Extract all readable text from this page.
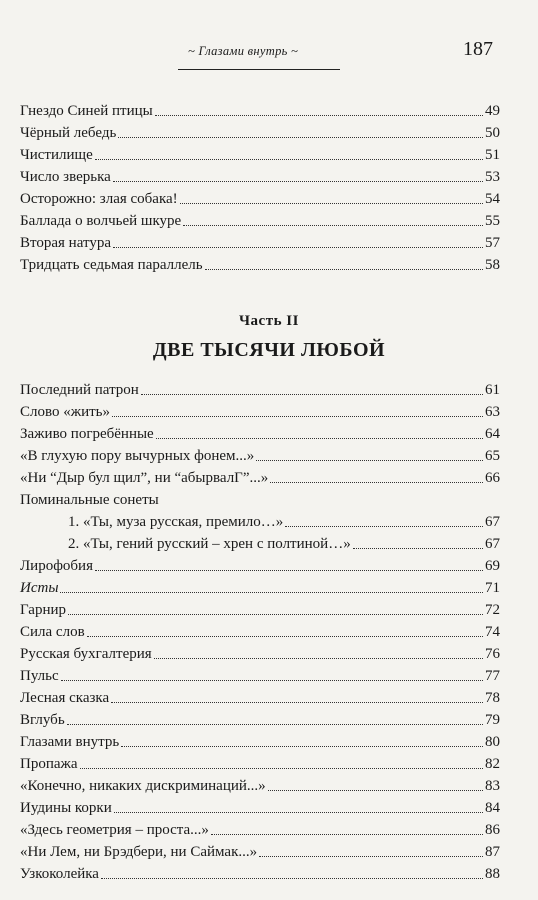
~ Глазами внутрь ~	187
Гнездо Синей птицы	49
Чёрный лебедь	50
Чистилище	51
Число зверька	53
Осторожно: злая собака!	54
Баллада о волчьей шкуре	55
Вторая натура	57
Тридцать седьмая параллель	58
Часть II
ДВЕ ТЫСЯЧИ ЛЮБОЙ
Последний патрон	61
Слово «жить»	63
Заживо погребённые	64
«В глухую пору вычурных фонем...»	65
«Ни “Дыр бул щил”, ни “абырвалГ”...»	66
Поминальные сонеты
1. «Ты, муза русская, премило…»	67
2. «Ты, гений русский – хрен с полтиной…»	67
Лирофобия	69
Исты	71
Гарнир	72
Сила слов	74
Русская бухгалтерия	76
Пульс	77
Лесная сказка	78
Вглубь	79
Глазами внутрь	80
Пропажа	82
«Конечно, никаких дискриминаций...»	83
Иудины корки	84
«Здесь геометрия – проста...»	86
«Ни Лем, ни Брэдбери, ни Саймак...»	87
Узкоколейка	88
